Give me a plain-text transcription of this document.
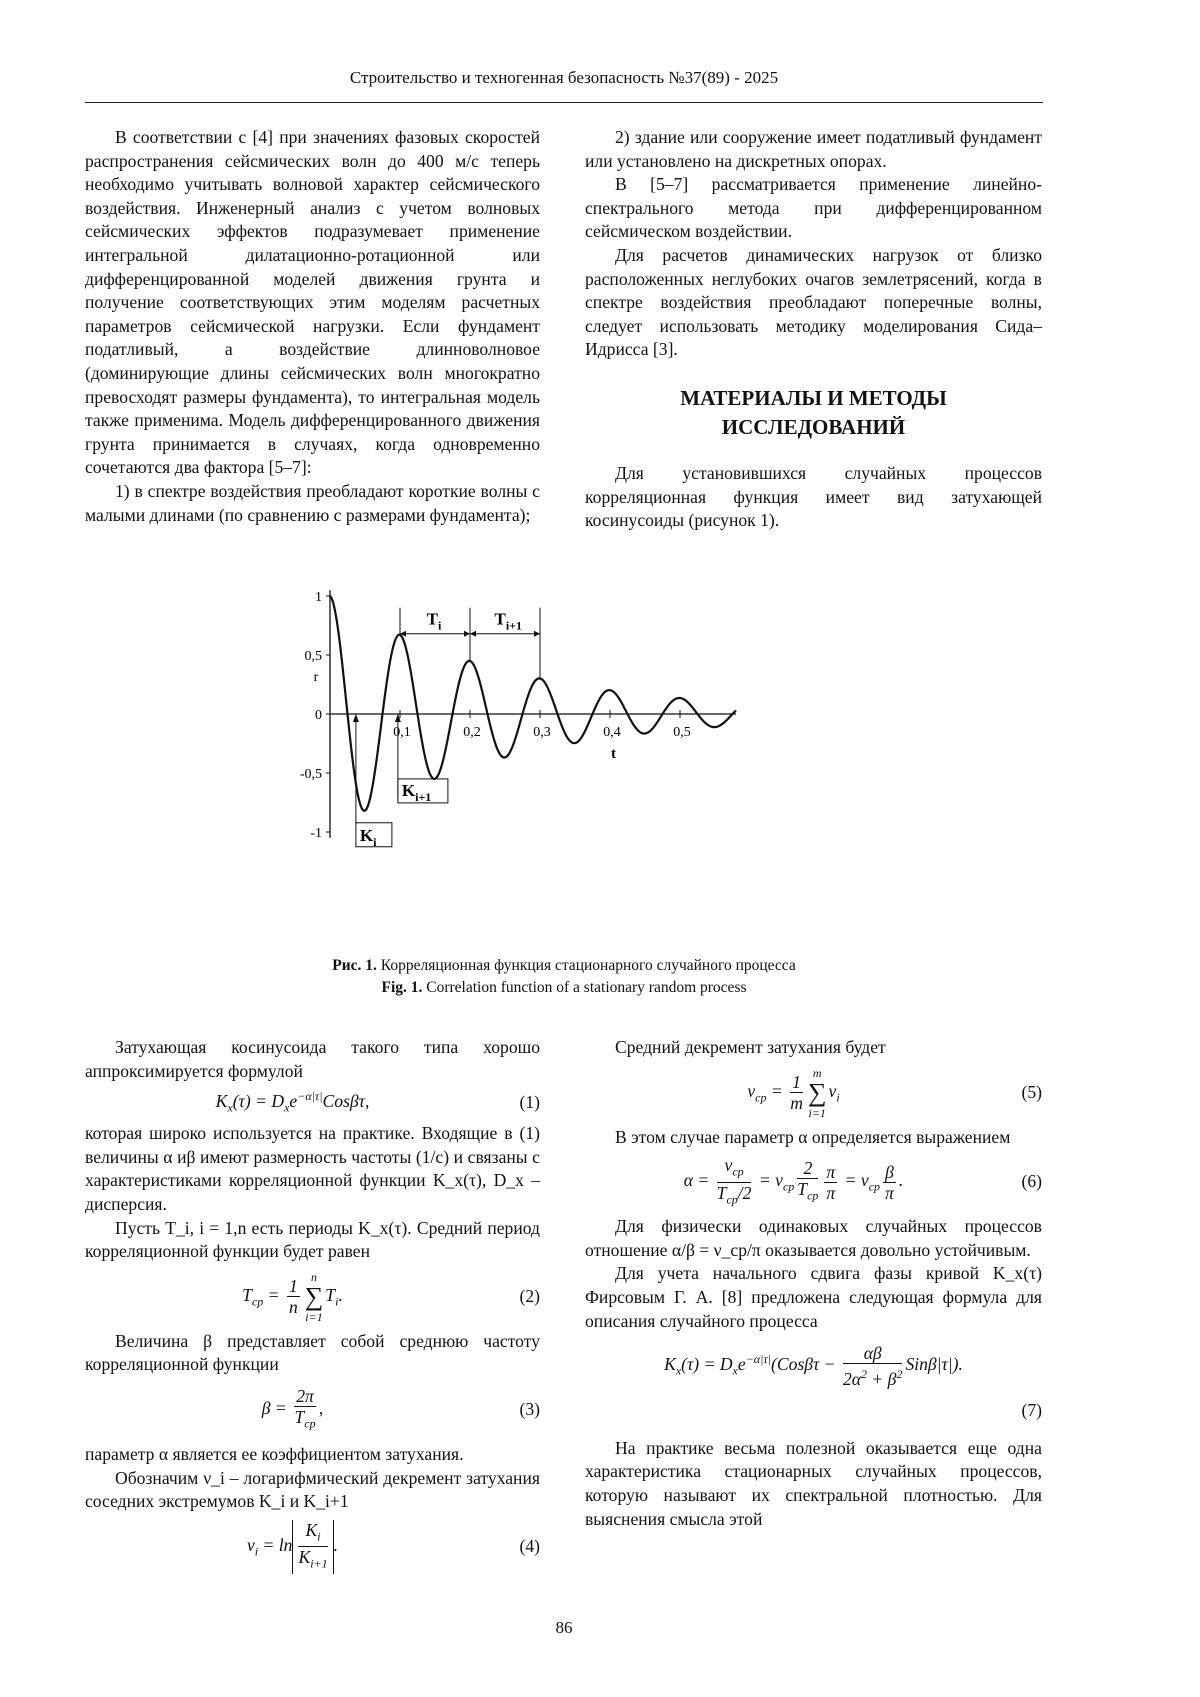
Строительство и техногенная безопасность №37(89) - 2025

В соответствии с [4] при значениях фазовых скоростей распространения сейсмических волн до 400 м/с теперь необходимо учитывать волновой характер сейсмического воздействия. Инженерный анализ с учетом волновых сейсмических эффектов подразумевает применение интегральной дилатационно-ротационной или дифференцированной моделей движения грунта и получение соответствующих этим моделям расчетных параметров сейсмической нагрузки. Если фундамент податливый, а воздействие длинноволновое (доминирующие длины сейсмических волн многократно превосходят размеры фундамента), то интегральная модель также применима. Модель дифференцированного движения грунта принимается в случаях, когда одновременно сочетаются два фактора [5–7]:

1) в спектре воздействия преобладают короткие волны с малыми длинами (по сравнению с размерами фундамента);

2) здание или сооружение имеет податливый фундамент или установлено на дискретных опорах.

В [5–7] рассматривается применение линейно-спектрального метода при дифференцированном сейсмическом воздействии.

Для расчетов динамических нагрузок от близко расположенных неглубоких очагов землетрясений, когда в спектре воздействия преобладают поперечные волны, следует использовать методику моделирования Сида–Идрисса [3].

МАТЕРИАЛЫ И МЕТОДЫ
ИССЛЕДОВАНИЙ

Для установившихся случайных процессов корреляционная функция имеет вид затухающей косинусоиды (рисунок 1).

1
0,5
0
-0,5
-1
r
0,1	0,2	0,3	0,4	0,5
t
$T_i$	$T_{i+1}$
$K_i$
$K_{i+1}$
Рис. 1. Корреляционная функция стационарного случайного процесса
Fig. 1. Correlation function of a stationary random process

Затухающая косинусоида такого типа хорошо аппроксимируется формулой

$K_x(\tau) = D_xe^{-\alpha|\tau|}Cos\beta\tau$,	(1)

которая широко используется на практике. Входящие в (1) величины α иβ имеют размерность частоты (1/с) и связаны с характеристиками корреляционной функции K_x(τ), D_x – дисперсия.

Пусть T_i, i = 1,n есть периоды K_x(τ). Средний период корреляционной функции будет равен

$T_{ср} = \frac{1}{n}$ n
∑
i=1
$T_i$.	(2)

Величина β представляет собой среднюю частоту корреляционной функции

$\beta = \frac{2\pi}{T_{ср}}$ ,	(3)

параметр α является ее коэффициентом затухания.

Обозначим ν_i – логарифмический декремент затухания соседних экстремумов K_i и K_i+1

$\nu_i = \ln \frac{K_i}{K_{i+1}}$ .	(4)

Средний декремент затухания будет

$\nu_{ср} = \frac{1}{m}$ m
∑
i=1
$\nu_i$	(5)

В этом случае параметр α определяется выражением

$\alpha = \frac{\nu_{ср}}{T_{ср}/2} = \nu_{ср} \frac{2}{T_{ср}} \frac{\pi}{\pi} = \nu_{ср} \frac{\beta}{\pi}$ .	(6)

Для физически одинаковых случайных процессов отношение α/β = ν_ср/π оказывается довольно устойчивым.

Для учета начального сдвига фазы кривой K_x(τ) Фирсовым Г. А. [8] предложена следующая формула для описания случайного процесса

$K_x(\tau) = D_xe^{-\alpha|\tau|}(Cos\beta\tau - \frac{\alpha\beta}{2\alpha^2 + \beta^2} Sin\beta|\tau|)$.
(7)

На практике весьма полезной оказывается еще одна характеристика стационарных случайных процессов, которую называют их спектральной плотностью. Для выяснения смысла этой

86
